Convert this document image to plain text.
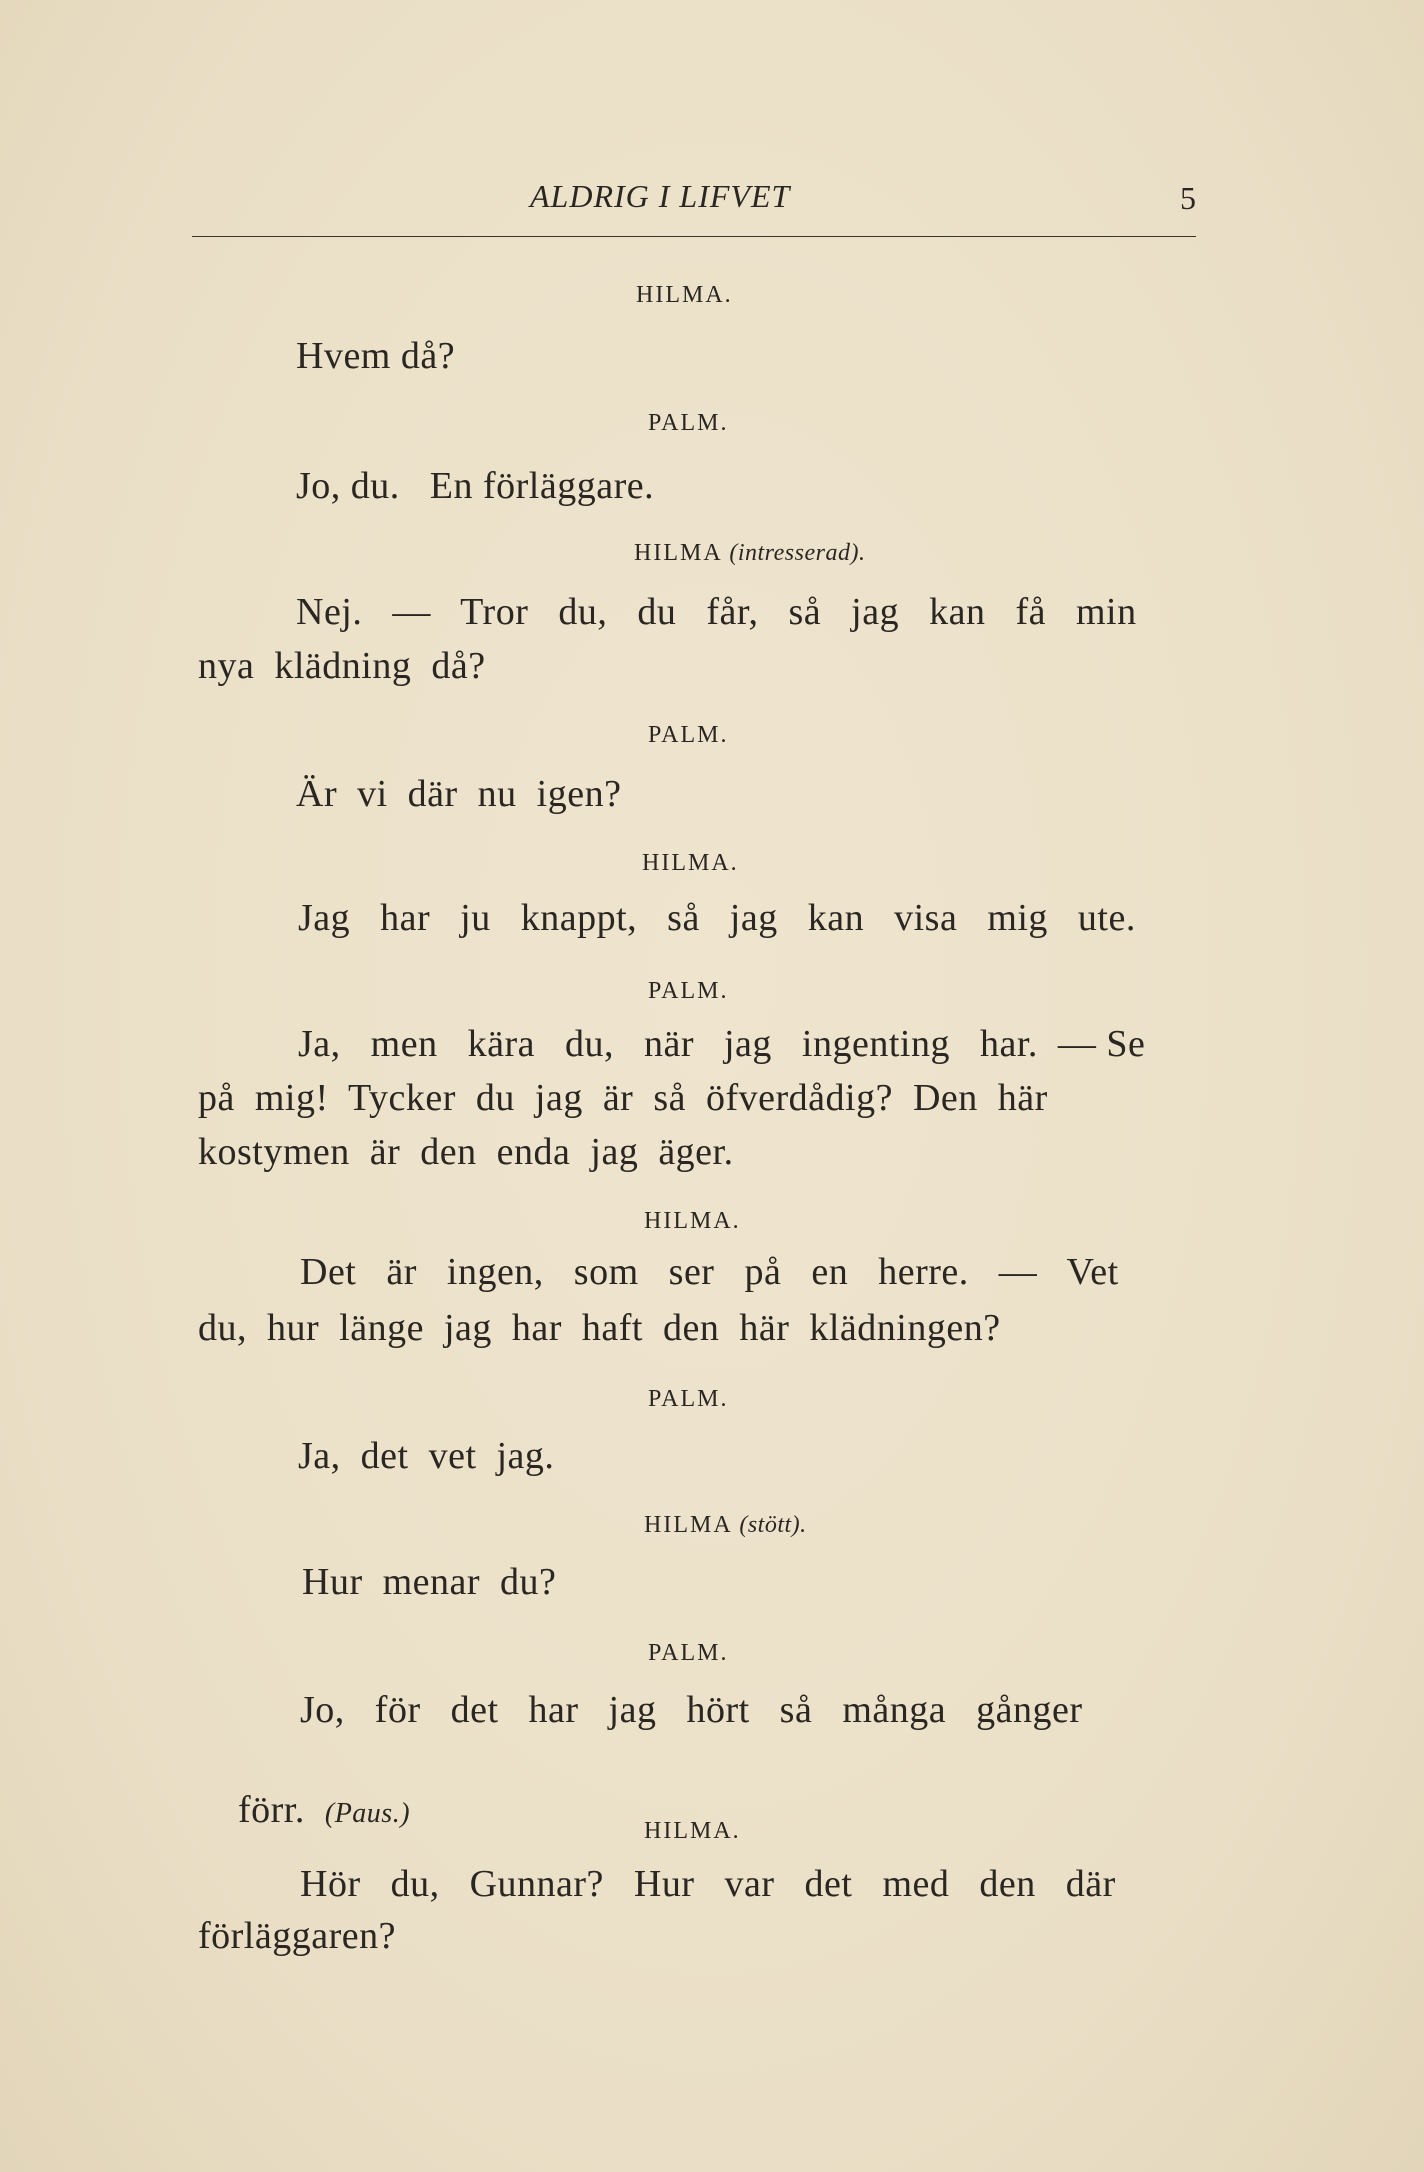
ALDRIG I LIFVET	5
HILMA.
Hvem då?
PALM.
Jo, du.   En förläggare.
HILMA (intresserad).
Nej.   —   Tror   du,   du   får,   så   jag   kan   få   min
nya  klädning  då?
PALM.
Är  vi  där  nu  igen?
HILMA.
Jag   har   ju   knappt,   så   jag   kan   visa   mig   ute.
PALM.
Ja,   men   kära   du,   när   jag   ingenting   har.  — Se
på  mig!  Tycker  du  jag  är  så  öfverdådig?  Den  här
kostymen  är  den  enda  jag  äger.
HILMA.
Det   är   ingen,   som   ser   på   en   herre.   —   Vet
du,  hur  länge  jag  har  haft  den  här  klädningen?
PALM.
Ja,  det  vet  jag.
HILMA (stött).
Hur  menar  du?
PALM.
Jo,   för   det   har   jag   hört   så   många   gånger

förr. (Paus.)

HILMA.
Hör   du,   Gunnar?   Hur   var   det   med   den   där
förläggaren?
